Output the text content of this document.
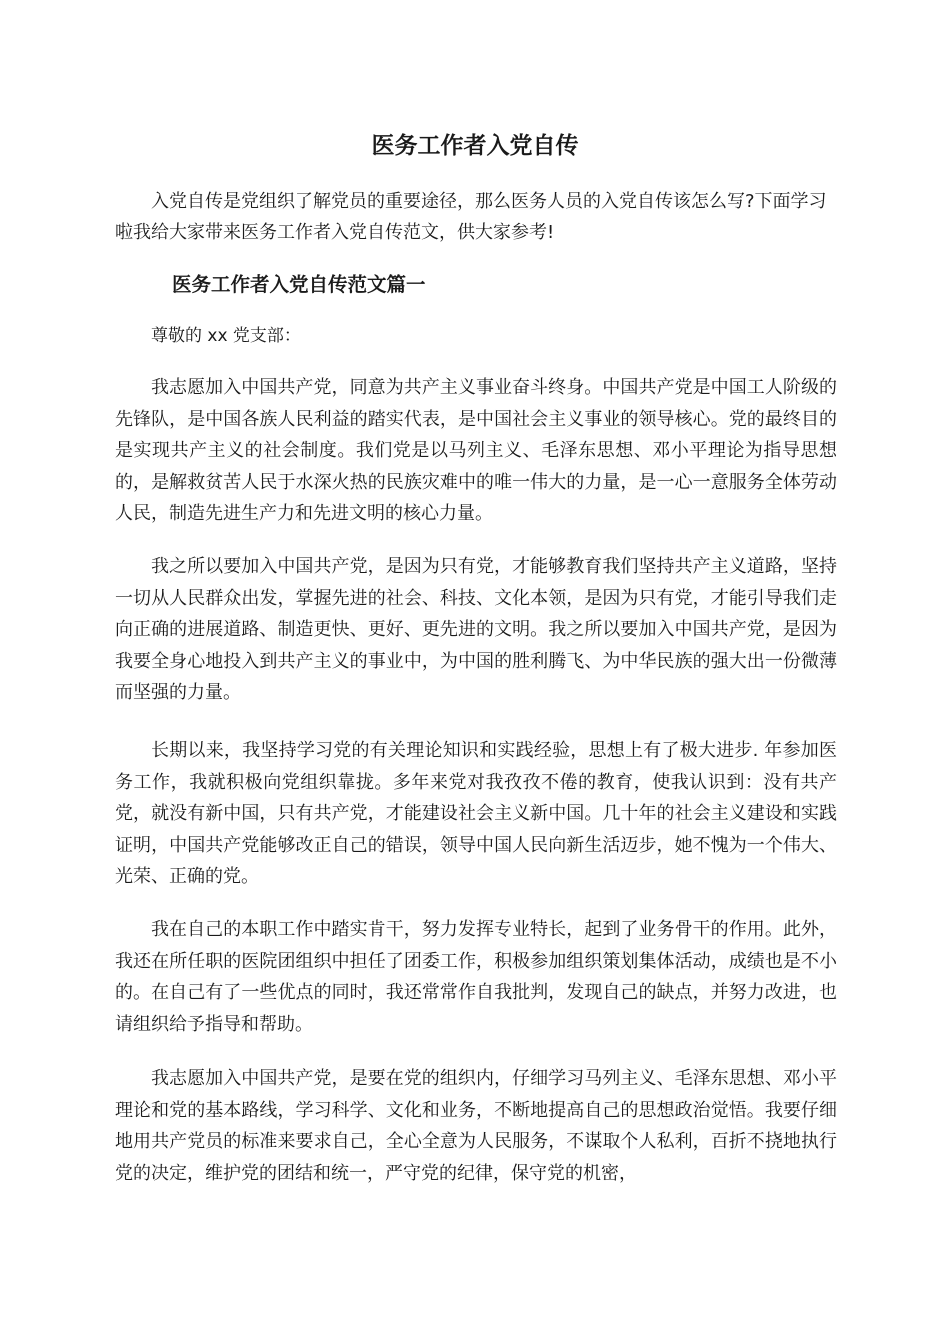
医务工作者入党自传

入党自传是党组织了解党员的重要途径，那么医务人员的入党自传该怎么写?下面学习啦我给大家带来医务工作者入党自传范文，供大家参考!

医务工作者入党自传范文篇一

尊敬的 xx 党支部：

我志愿加入中国共产党，同意为共产主义事业奋斗终身。中国共产党是中国工人阶级的先锋队，是中国各族人民利益的踏实代表，是中国社会主义事业的领导核心。党的最终目的是实现共产主义的社会制度。我们党是以马列主义、毛泽东思想、邓小平理论为指导思想的，是解救贫苦人民于水深火热的民族灾难中的唯一伟大的力量，是一心一意服务全体劳动人民，制造先进生产力和先进文明的核心力量。

我之所以要加入中国共产党，是因为只有党，才能够教育我们坚持共产主义道路，坚持一切从人民群众出发，掌握先进的社会、科技、文化本领，是因为只有党，才能引导我们走向正确的进展道路、制造更快、更好、更先进的文明。我之所以要加入中国共产党，是因为我要全身心地投入到共产主义的事业中，为中国的胜利腾飞、为中华民族的强大出一份微薄而坚强的力量。

长期以来，我坚持学习党的有关理论知识和实践经验，思想上有了极大进步. 年参加医务工作，我就积极向党组织靠拢。多年来党对我孜孜不倦的教育，使我认识到：没有共产党，就没有新中国，只有共产党，才能建设社会主义新中国。几十年的社会主义建设和实践证明，中国共产党能够改正自己的错误，领导中国人民向新生活迈步，她不愧为一个伟大、光荣、正确的党。

我在自己的本职工作中踏实肯干，努力发挥专业特长，起到了业务骨干的作用。此外，我还在所任职的医院团组织中担任了团委工作，积极参加组织策划集体活动，成绩也是不小的。在自己有了一些优点的同时，我还常常作自我批判，发现自己的缺点，并努力改进，也请组织给予指导和帮助。

我志愿加入中国共产党，是要在党的组织内，仔细学习马列主义、毛泽东思想、邓小平理论和党的基本路线，学习科学、文化和业务，不断地提高自己的思想政治觉悟。我要仔细地用共产党员的标准来要求自己，全心全意为人民服务，不谋取个人私利，百折不挠地执行党的决定，维护党的团结和统一，严守党的纪律，保守党的机密，
